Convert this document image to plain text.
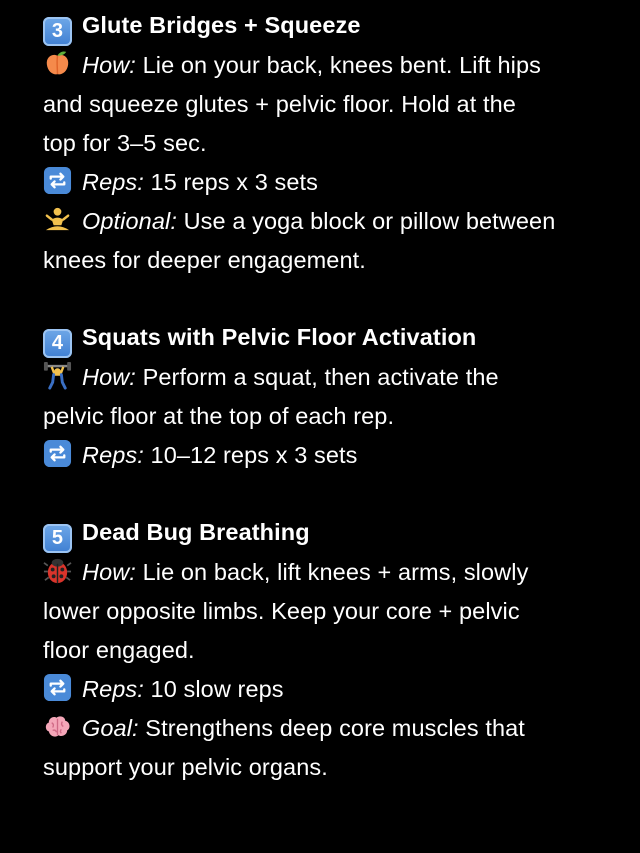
3 Glute Bridges + Squeeze
How: Lie on your back, knees bent. Lift hips
and squeeze glutes + pelvic floor. Hold at the
top for 3–5 sec.
Reps: 15 reps x 3 sets
Optional: Use a yoga block or pillow between
knees for deeper engagement.
4 Squats with Pelvic Floor Activation
How: Perform a squat, then activate the
pelvic floor at the top of each rep.
Reps: 10–12 reps x 3 sets
5 Dead Bug Breathing
How: Lie on back, lift knees + arms, slowly
lower opposite limbs. Keep your core + pelvic
floor engaged.
Reps: 10 slow reps
Goal: Strengthens deep core muscles that
support your pelvic organs.
